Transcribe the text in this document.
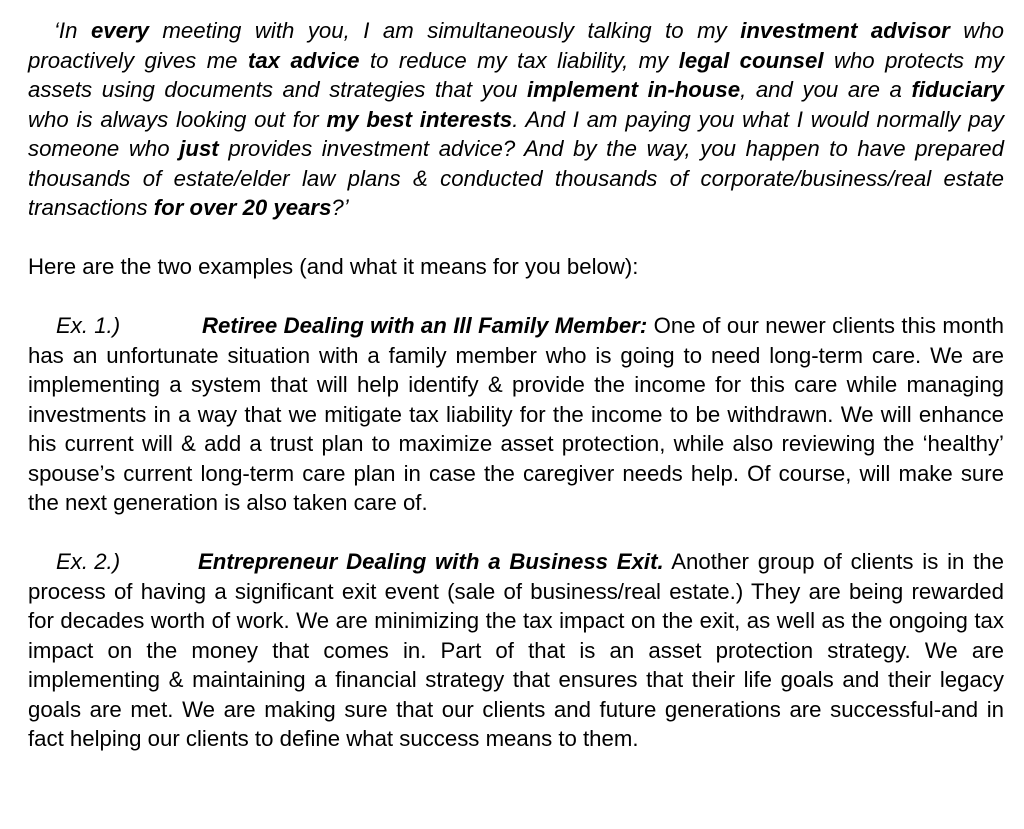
‘In every meeting with you, I am simultaneously talking to my investment advisor who proactively gives me tax advice to reduce my tax liability, my legal counsel who protects my assets using documents and strategies that you implement in-house, and you are a fiduciary who is always looking out for my best interests. And I am paying you what I would normally pay someone who just provides investment advice? And by the way, you happen to have prepared thousands of estate/elder law plans & conducted thousands of corporate/business/real estate transactions for over 20 years?’

Here are the two examples (and what it means for you below):

Ex. 1.)	Retiree Dealing with an Ill Family Member: One of our newer clients this month has an unfortunate situation with a family member who is going to need long-term care. We are implementing a system that will help identify & provide the income for this care while managing investments in a way that we mitigate tax liability for the income to be withdrawn. We will enhance his current will & add a trust plan to maximize asset protection, while also reviewing the ‘healthy’ spouse’s current long-term care plan in case the caregiver needs help. Of course, will make sure the next generation is also taken care of.

Ex. 2.)	Entrepreneur Dealing with a Business Exit. Another group of clients is in the process of having a significant exit event (sale of business/real estate.) They are being rewarded for decades worth of work. We are minimizing the tax impact on the exit, as well as the ongoing tax impact on the money that comes in. Part of that is an asset protection strategy. We are implementing & maintaining a financial strategy that ensures that their life goals and their legacy goals are met. We are making sure that our clients and future generations are successful-and in fact helping our clients to define what success means to them.
